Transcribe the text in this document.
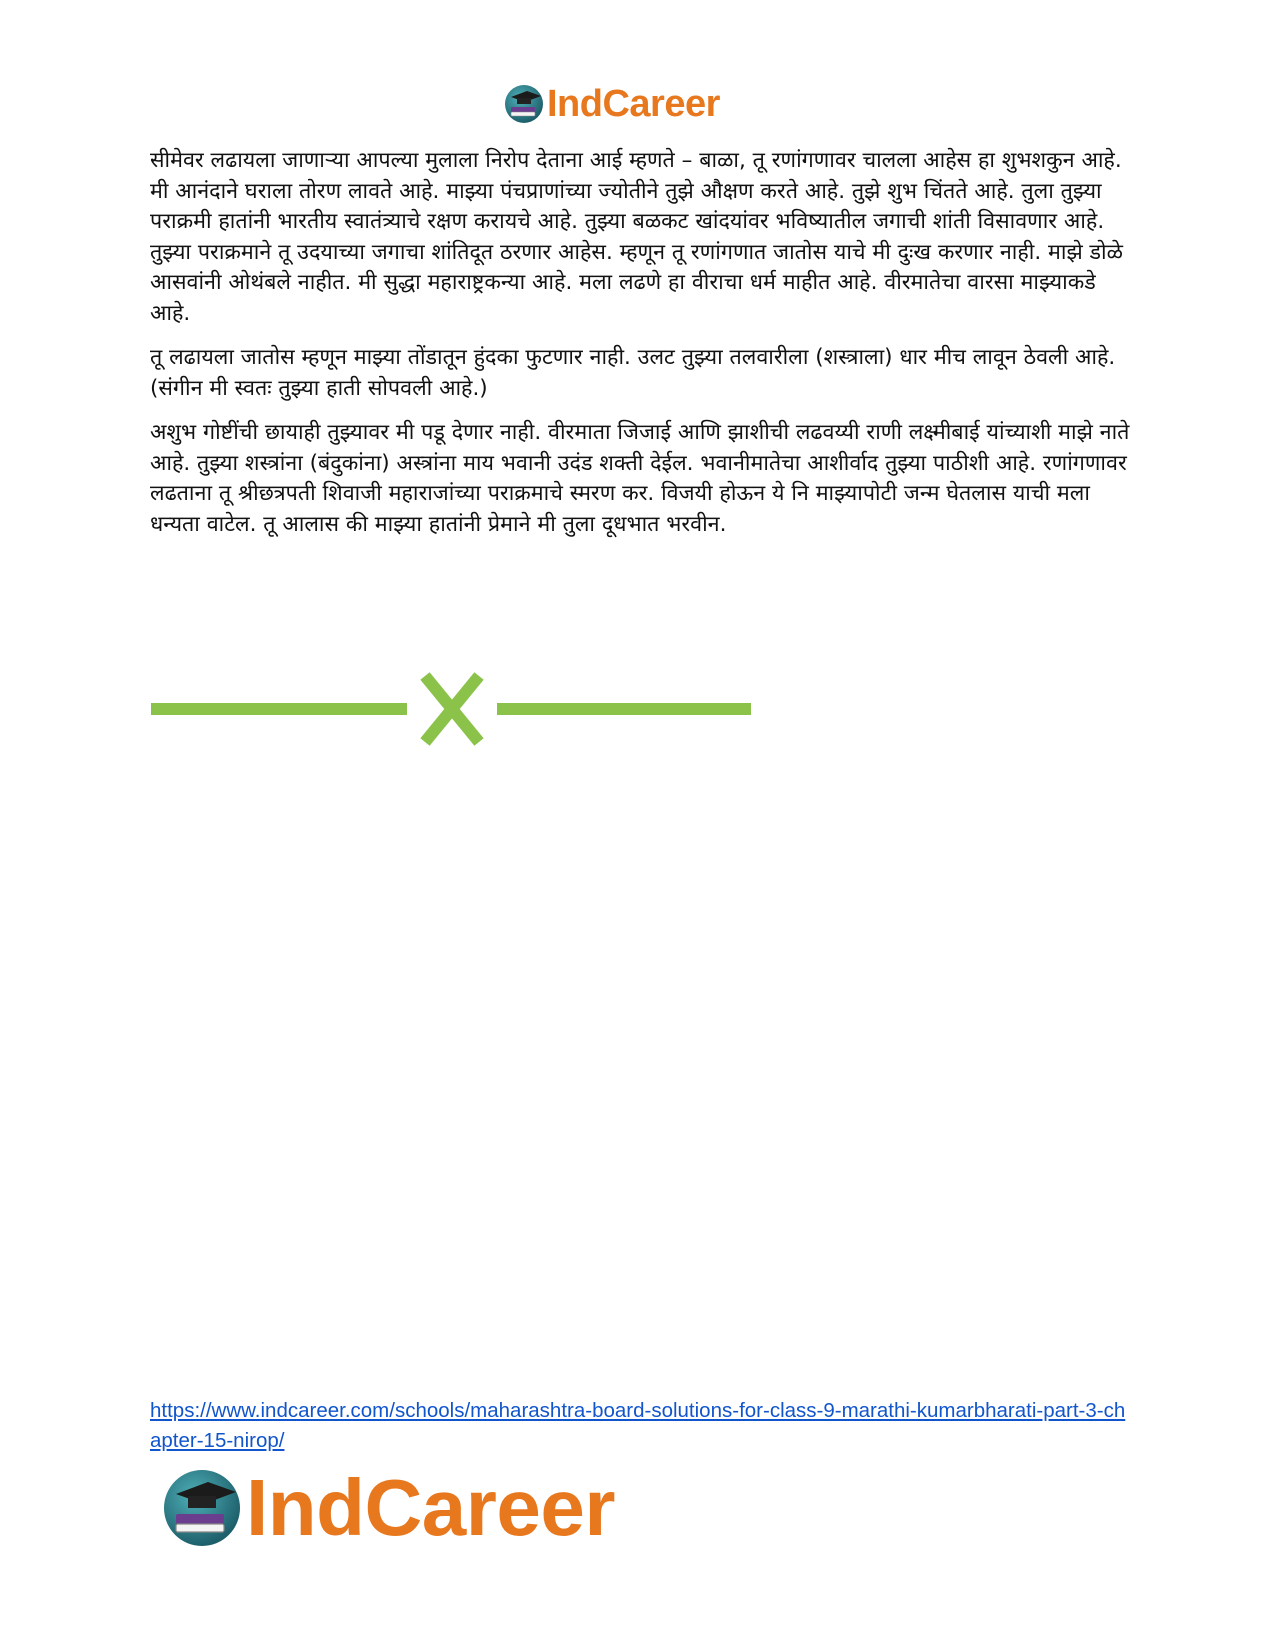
IndCareer

सीमेवर लढायला जाणाऱ्या आपल्या मुलाला निरोप देताना आई म्हणते – बाळा, तू रणांगणावर चालला आहेस हा शुभशकुन आहे. मी आनंदाने घराला तोरण लावते आहे. माझ्या पंचप्राणांच्या ज्योतीने तुझे औक्षण करते आहे. तुझे शुभ चिंतते आहे. तुला तुझ्या पराक्रमी हातांनी भारतीय स्वातंत्र्याचे रक्षण करायचे आहे. तुझ्या बळकट खांदयांवर भविष्यातील जगाची शांती विसावणार आहे. तुझ्या पराक्रमाने तू उदयाच्या जगाचा शांतिदूत ठरणार आहेस. म्हणून तू रणांगणात जातोस याचे मी दुःख करणार नाही. माझे डोळे आसवांनी ओथंबले नाहीत. मी सुद्धा महाराष्ट्रकन्या आहे. मला लढणे हा वीराचा धर्म माहीत आहे. वीरमातेचा वारसा माझ्याकडे आहे.

तू लढायला जातोस म्हणून माझ्या तोंडातून हुंदका फुटणार नाही. उलट तुझ्या तलवारीला (शस्त्राला) धार मीच लावून ठेवली आहे. (संगीन मी स्वतः तुझ्या हाती सोपवली आहे.)

अशुभ गोष्टींची छायाही तुझ्यावर मी पडू देणार नाही. वीरमाता जिजाई आणि झाशीची लढवय्यी राणी लक्ष्मीबाई यांच्याशी माझे नाते आहे. तुझ्या शस्त्रांना (बंदुकांना) अस्त्रांना माय भवानी उदंड शक्ती देईल. भवानीमातेचा आशीर्वाद तुझ्या पाठीशी आहे. रणांगणावर लढताना तू श्रीछत्रपती शिवाजी महाराजांच्या पराक्रमाचे स्मरण कर. विजयी होऊन ये नि माझ्यापोटी जन्म घेतलास याची मला धन्यता वाटेल. तू आलास की माझ्या हातांनी प्रेमाने मी तुला दूधभात भरवीन.

https://www.indcareer.com/schools/maharashtra-board-solutions-for-class-9-marathi-kumarbharati-part-3-chapter-15-nirop/
IndCareer
